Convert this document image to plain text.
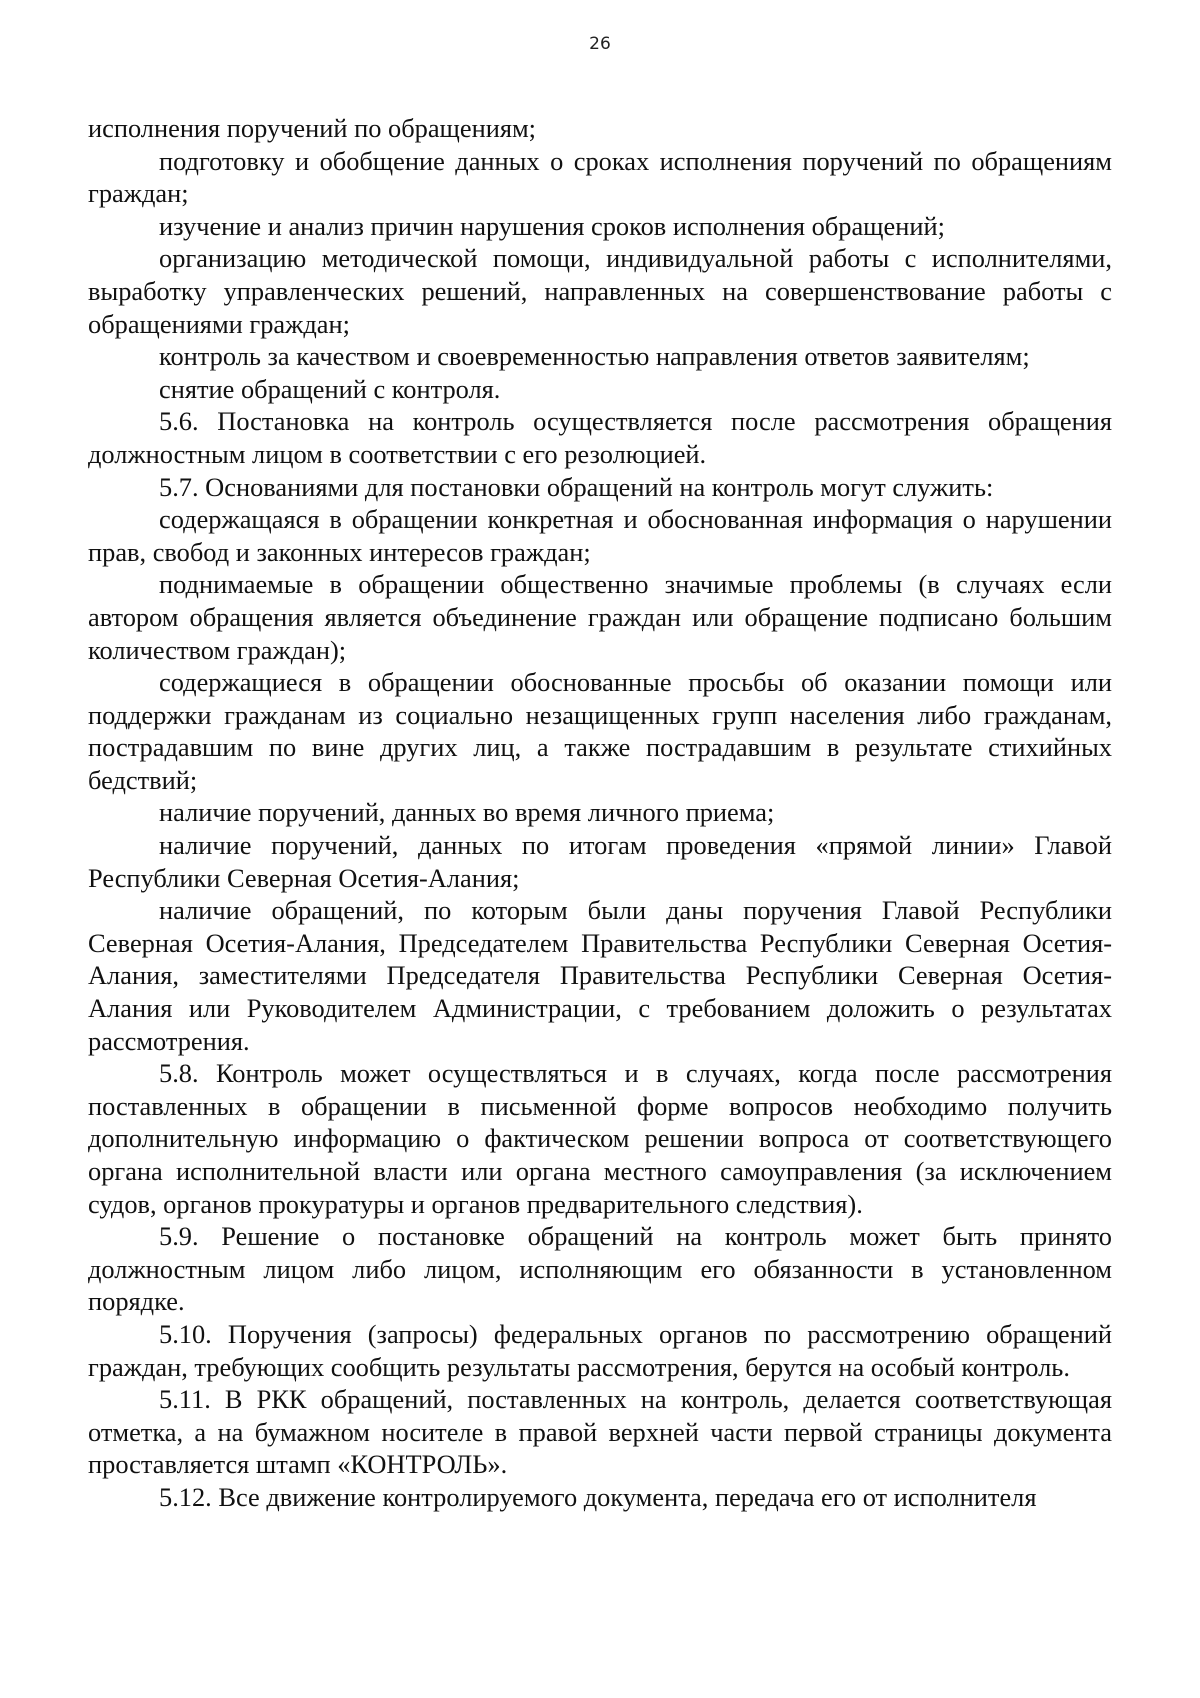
26

исполнения поручений по обращениям;

подготовку и обобщение данных о сроках исполнения поручений по обращениям граждан;

изучение и анализ причин нарушения сроков исполнения обращений;

организацию методической помощи, индивидуальной работы с исполнителями, выработку управленческих решений, направленных на совершенствование работы с обращениями граждан;

контроль за качеством и своевременностью направления ответов заявителям;

снятие обращений с контроля.

5.6. Постановка на контроль осуществляется после рассмотрения обращения должностным лицом в соответствии с его резолюцией.

5.7. Основаниями для постановки обращений на контроль могут служить:

содержащаяся в обращении конкретная и обоснованная информация о нарушении прав, свобод и законных интересов граждан;

поднимаемые в обращении общественно значимые проблемы (в случаях если автором обращения является объединение граждан или обращение подписано большим количеством граждан);

содержащиеся в обращении обоснованные просьбы об оказании помощи или поддержки гражданам из социально незащищенных групп населения либо гражданам, пострадавшим по вине других лиц, а также пострадавшим в результате стихийных бедствий;

наличие поручений, данных во время личного приема;

наличие поручений, данных по итогам проведения «прямой линии» Главой Республики Северная Осетия-Алания;

наличие обращений, по которым были даны поручения Главой Республики Северная Осетия-Алания, Председателем Правительства Республики Северная Осетия-Алания, заместителями Председателя Правительства Республики Северная Осетия-Алания или Руководителем Администрации, с требованием доложить о результатах рассмотрения.

5.8. Контроль может осуществляться и в случаях, когда после рассмотрения поставленных в обращении в письменной форме вопросов необходимо получить дополнительную информацию о фактическом решении вопроса от соответствующего органа исполнительной власти или органа местного самоуправления (за исключением судов, органов прокуратуры и органов предварительного следствия).

5.9. Решение о постановке обращений на контроль может быть принято должностным лицом либо лицом, исполняющим его обязанности в установленном порядке.

5.10. Поручения (запросы) федеральных органов по рассмотрению обращений граждан, требующих сообщить результаты рассмотрения, берутся на особый контроль.

5.11. В РКК обращений, поставленных на контроль, делается соответствующая отметка, а на бумажном носителе в правой верхней части первой страницы документа проставляется штамп «КОНТРОЛЬ».

5.12. Все движение контролируемого документа, передача его от исполнителя
